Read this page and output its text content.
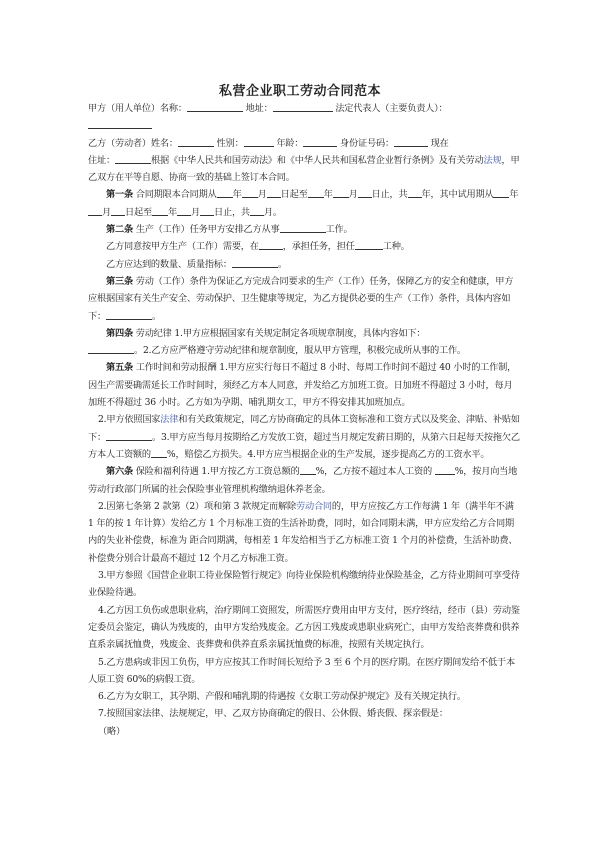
私营企业职工劳动合同范本

甲方（用人单位）名称：	地址：	法定代表人（主要负责人）：

乙方（劳动者）姓名：	性别：	年龄：	身份证号码：	现在

住址：	根据《中华人民共和国劳动法》和《中华人民共和国私营企业暂行条例》及有关劳动法规，甲乙双方在平等自愿、协商一致的基础上签订本合同。

第一条 合同期限本合同期从 年 月 日起至 年 月 日止，共 年，其中试用期从 年月 日起至 年 月 日止，共 月。

第二条 生产（工作）任务甲方安排乙方从事	工作。

乙方同意按甲方生产（工作）需要，在	，承担任务，担任	工种。

乙方应达到的数量、质量指标：	。

第三条 劳动（工作）条件为保证乙方完成合同要求的生产（工作）任务，保障乙方的安全和健康，甲方应根据国家有关生产安全、劳动保护、卫生健康等规定，为乙方提供必要的生产（工作）条件，具体内容如下：	。

第四条 劳动纪律 1.甲方应根据国家有关规定制定各项规章制度，具体内容如下：

。2.乙方应严格遵守劳动纪律和规章制度，服从甲方管理，积极完成所从事的工作。

第五条 工作时间和劳动报酬 1.甲方应实行每日不超过 8 小时、每周工作时间不超过 40 小时的工作制，因生产需要确需延长工作时间时，须经乙方本人同意，并发给乙方加班工资。日加班不得超过 3 小时，每月加班不得超过 36 小时。乙方如为孕期、哺乳期女工，甲方不得安排其加班加点。

2.甲方依照国家法律和有关政策规定，同乙方协商确定的具体工资标准和工资方式以及奖金、津贴、补贴如下：	。3.甲方应当每月按期给乙方发放工资，超过当月规定发薪日期的，从第六日起每天按拖欠乙方本人工资额的 %，赔偿乙方损失。4.甲方应当根据企业的生产发展，逐步提高乙方的工资水平。

第六条 保险和福利待遇 1.甲方按乙方工资总额的 %，乙方按不超过本人工资的 %，按月向当地劳动行政部门所属的社会保险事业管理机构缴纳退休养老金。

2.因第七条第 2 款第（2）项和第 3 款规定而解除劳动合同的，甲方应按乙方工作每满 1 年（满半年不满 1 年的按 1 年计算）发给乙方 1 个月标准工资的生活补助费，同时，如合同期未满，甲方应发给乙方合同期内的失业补偿费，标准为 距合同期满，每相差 1 年发给相当于乙方标准工资 1 个月的补偿费，生活补助费、补偿费分别合计最高不超过 12 个月乙方标准工资。

3.甲方参照《国营企业职工待业保险暂行规定》向待业保险机构缴纳待业保险基金，乙方待业期间可享受待业保险待遇。

4.乙方因工负伤或患职业病，治疗期间工资照发，所需医疗费用由甲方支付，医疗终结，经市（县）劳动鉴定委员会鉴定，确认为残废的，由甲方发给残废金。乙方因工残废或患职业病死亡，由甲方发给丧葬费和供养直系亲属抚恤费，残废金、丧葬费和供养直系亲属抚恤费的标准，按照有关规定执行。

5.乙方患病或非因工负伤，甲方应按其工作时间长短给予 3 至 6 个月的医疗期。在医疗期间发给不低于本人原工资 60%的病假工资。

6.乙方为女职工，其孕期、产假和哺乳期的待遇按《女职工劳动保护规定》及有关规定执行。

7.按照国家法律、法规规定，甲、乙双方协商确定的假日、公休假、婚丧假、探亲假是：

（略）
